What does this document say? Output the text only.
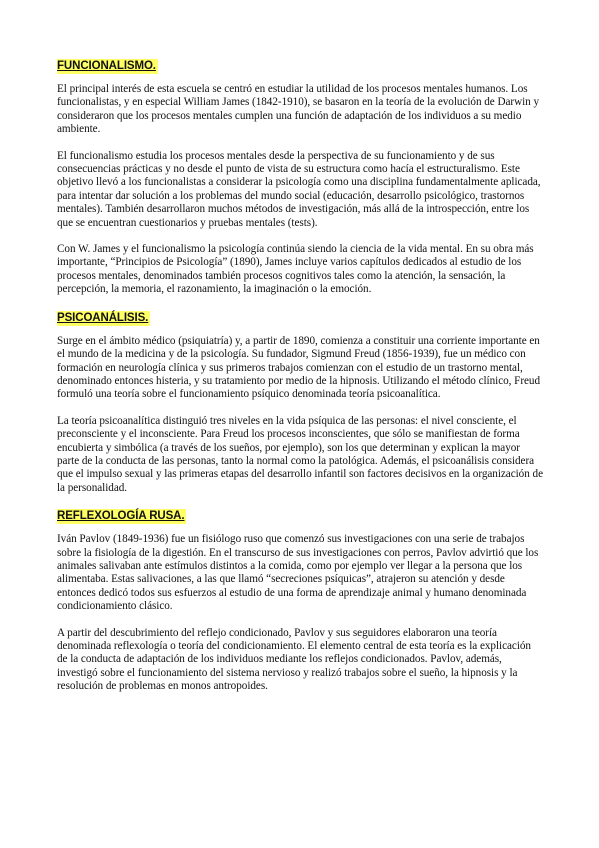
FUNCIONALISMO.

El principal interés de esta escuela se centró en estudiar la utilidad de los procesos mentales humanos. Los funcionalistas, y en especial William James (1842-1910), se basaron en la teoría de la evolución de Darwin y consideraron que los procesos mentales cumplen una función de adaptación de los individuos a su medio ambiente.

El funcionalismo estudia los procesos mentales desde la perspectiva de su funcionamiento y de sus consecuencias prácticas y no desde el punto de vista de su estructura como hacía el estructuralismo. Este objetivo llevó a los funcionalistas a considerar la psicología como una disciplina fundamentalmente aplicada, para intentar dar solución a los problemas del mundo social (educación, desarrollo psicológico, trastornos mentales). También desarrollaron muchos métodos de investigación, más allá de la introspección, entre los que se encuentran cuestionarios y pruebas mentales (tests).

Con W. James y el funcionalismo la psicología continúa siendo la ciencia de la vida mental. En su obra más importante, “Principios de Psicología” (1890), James incluye varios capítulos dedicados al estudio de los procesos mentales, denominados también procesos cognitivos tales como la atención, la sensación, la percepción, la memoria, el razonamiento, la imaginación o la emoción.

PSICOANÁLISIS.

Surge en el ámbito médico (psiquiatría) y, a partir de 1890, comienza a constituir una corriente importante en el mundo de la medicina y de la psicología. Su fundador, Sigmund Freud (1856-1939), fue un médico con formación en neurología clínica y sus primeros trabajos comienzan con el estudio de un trastorno mental, denominado entonces histeria, y su tratamiento por medio de la hipnosis. Utilizando el método clínico, Freud formuló una teoría sobre el funcionamiento psíquico denominada teoría psicoanalítica.

La teoría psicoanalítica distinguió tres niveles en la vida psíquica de las personas: el nivel consciente, el preconsciente y el inconsciente. Para Freud los procesos inconscientes, que sólo se manifiestan de forma encubierta y simbólica (a través de los sueños, por ejemplo), son los que determinan y explican la mayor parte de la conducta de las personas, tanto la normal como la patológica. Además, el psicoanálisis considera que el impulso sexual y las primeras etapas del desarrollo infantil son factores decisivos en la organización de la personalidad.

REFLEXOLOGÍA RUSA.

Iván Pavlov (1849-1936) fue un fisiólogo ruso que comenzó sus investigaciones con una serie de trabajos sobre la fisiología de la digestión. En el transcurso de sus investigaciones con perros, Pavlov advirtió que los animales salivaban ante estímulos distintos a la comida, como por ejemplo ver llegar a la persona que los alimentaba. Estas salivaciones, a las que llamó “secreciones psíquicas”, atrajeron su atención y desde entonces dedicó todos sus esfuerzos al estudio de una forma de aprendizaje animal y humano denominada condicionamiento clásico.

A partir del descubrimiento del reflejo condicionado, Pavlov y sus seguidores elaboraron una teoría denominada reflexología o teoría del condicionamiento. El elemento central de esta teoría es la explicación de la conducta de adaptación de los individuos mediante los reflejos condicionados. Pavlov, además, investigó sobre el funcionamiento del sistema nervioso y realizó trabajos sobre el sueño, la hipnosis y la resolución de problemas en monos antropoides.
